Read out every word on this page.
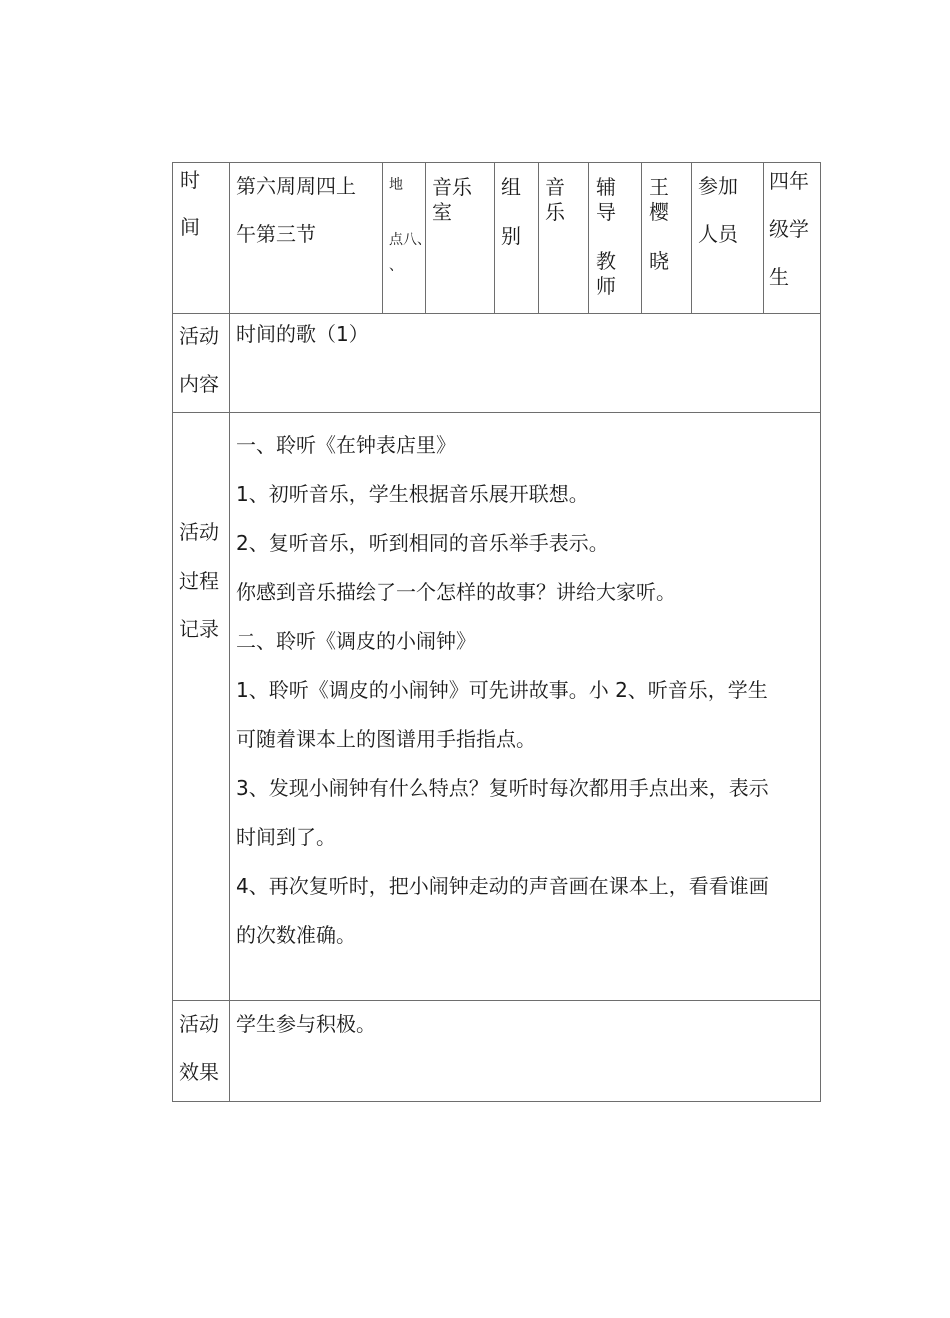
时
间
第六周周四上
午第三节
地
点八、
、
音乐
室
组
别
音
乐
辅
导
教
师
王
樱
晓
参加
人员
四年
级学
生
活动
内容
时间的歌（1）
活动
过程
记录
一、聆听《在钟表店里》
1、初听音乐，学生根据音乐展开联想。
2、复听音乐，听到相同的音乐举手表示。
你感到音乐描绘了一个怎样的故事？讲给大家听。
二、聆听《调皮的小闹钟》
1、聆听《调皮的小闹钟》可先讲故事。小 2、听音乐，学生
可随着课本上的图谱用手指指点。
3、发现小闹钟有什么特点？复听时每次都用手点出来，表示
时间到了。
4、再次复听时，把小闹钟走动的声音画在课本上，看看谁画
的次数准确。
活动
效果
学生参与积极。
